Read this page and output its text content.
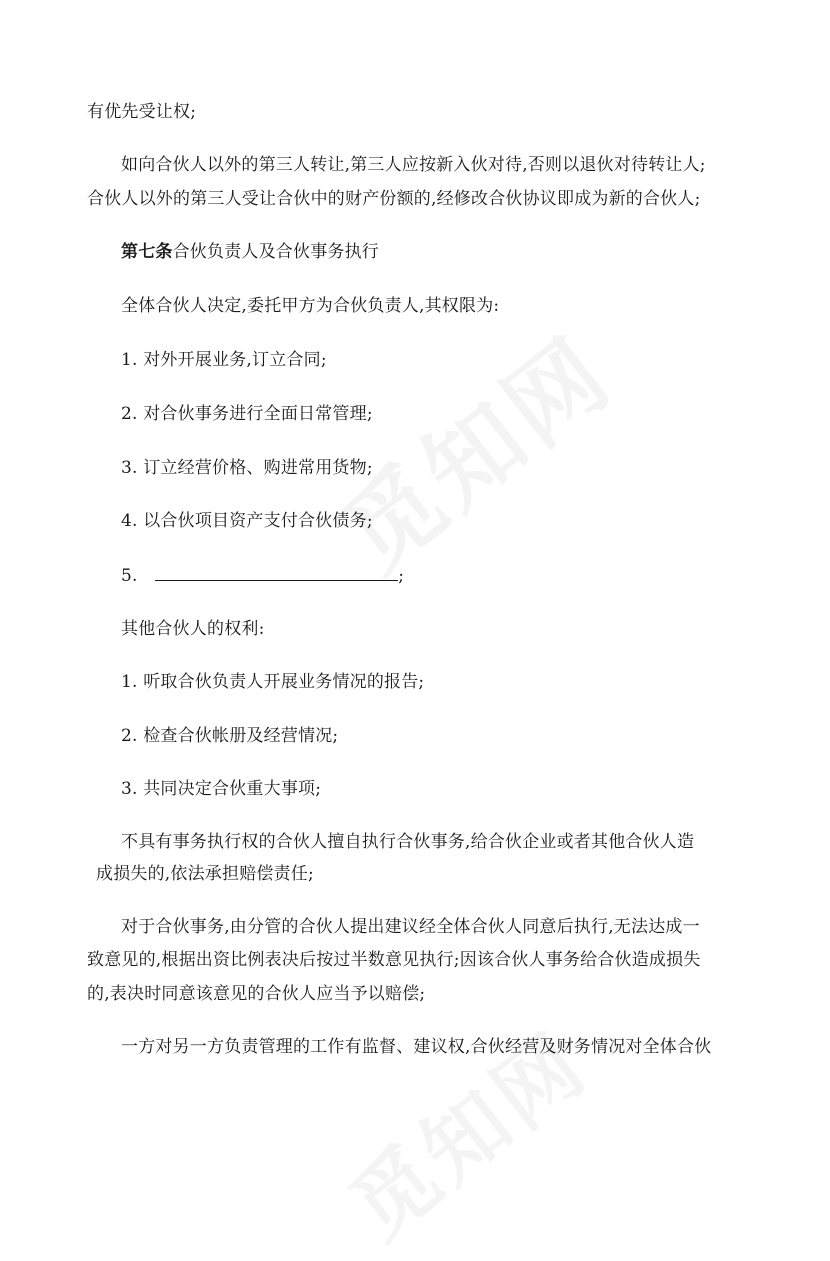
有优先受让权;
如向合伙人以外的第三人转让,第三人应按新入伙对待,否则以退伙对待转让人;
合伙人以外的第三人受让合伙中的财产份额的,经修改合伙协议即成为新的合伙人;
第七条合伙负责人及合伙事务执行
全体合伙人决定,委托甲方为合伙负责人,其权限为:
1. 对外开展业务,订立合同;
2. 对合伙事务进行全面日常管理;
3. 订立经营价格、购进常用货物;
4. 以合伙项目资产支付合伙债务;
5.	;
其他合伙人的权利:
1. 听取合伙负责人开展业务情况的报告;
2. 检查合伙帐册及经营情况;
3. 共同决定合伙重大事项;
不具有事务执行权的合伙人擅自执行合伙事务,给合伙企业或者其他合伙人造
成损失的,依法承担赔偿责任;
对于合伙事务,由分管的合伙人提出建议经全体合伙人同意后执行,无法达成一
致意见的,根据出资比例表决后按过半数意见执行;因该合伙人事务给合伙造成损失
的,表决时同意该意见的合伙人应当予以赔偿;
一方对另一方负责管理的工作有监督、建议权,合伙经营及财务情况对全体合伙
